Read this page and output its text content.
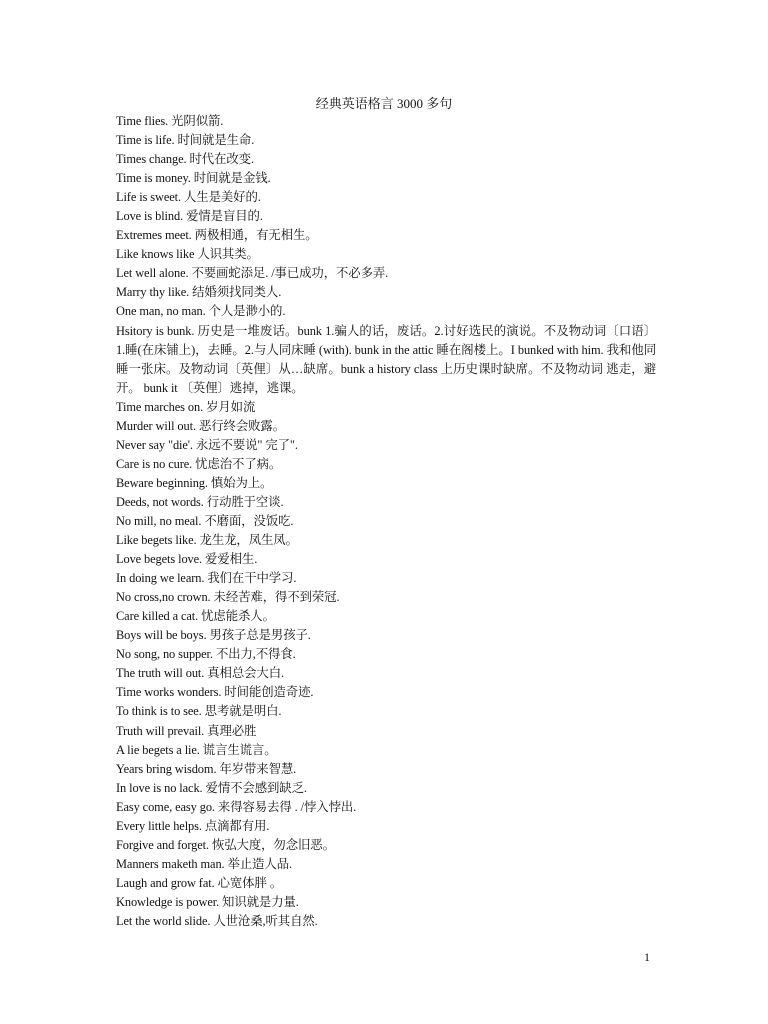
经典英语格言 3000 多句
Time flies. 光阴似箭.
Time is life. 时间就是生命.
Times change. 时代在改变.
Time is money. 时间就是金钱.
Life is sweet. 人生是美好的.
Love is blind. 爱情是盲目的.
Extremes meet. 两极相通，有无相生。
Like knows like 人识其类。
Let well alone. 不要画蛇添足. /事已成功，不必多弄.
Marry thy like. 结婚须找同类人.
One man, no man. 个人是渺小的.
Hsitory is bunk. 历史是一堆废话。bunk 1.骗人的话，废话。2.讨好选民的演说。不及物动词〔口语〕1.睡(在床铺上)，去睡。2.与人同床睡 (with). bunk in the attic 睡在阁楼上。I bunked with him. 我和他同睡一张床。及物动词〔英俚〕从…缺席。bunk a history class 上历史课时缺席。不及物动词 逃走，避开。 bunk it 〔英俚〕逃掉，逃课。
Time marches on. 岁月如流
Murder will out. 恶行终会败露。
Never say "die'. 永远不要说" 完了".
Care is no cure. 忧虑治不了病。
Beware beginning. 慎始为上。
Deeds, not words. 行动胜于空谈.
No mill, no meal. 不磨面，没饭吃.
Like begets like. 龙生龙，凤生凤。
Love begets love. 爱爱相生.
In doing we learn. 我们在干中学习.
No cross,no crown. 未经苦难，得不到荣冠.
Care killed a cat. 忧虑能杀人。
Boys will be boys. 男孩子总是男孩子.
No song, no supper. 不出力,不得食.
The truth will out. 真相总会大白.
Time works wonders. 时间能创造奇迹.
To think is to see. 思考就是明白.
Truth will prevail. 真理必胜
A lie begets a lie. 谎言生谎言。
Years bring wisdom. 年岁带来智慧.
In love is no lack. 爱情不会感到缺乏.
Easy come, easy go. 来得容易去得 . /悖入悖出.
Every little helps. 点滴都有用.
Forgive and forget. 恢弘大度，勿念旧恶。
Manners maketh man. 举止造人品.
Laugh and grow fat. 心宽体胖 。
Knowledge is power. 知识就是力量.
Let the world slide. 人世沧桑,听其自然.
1
